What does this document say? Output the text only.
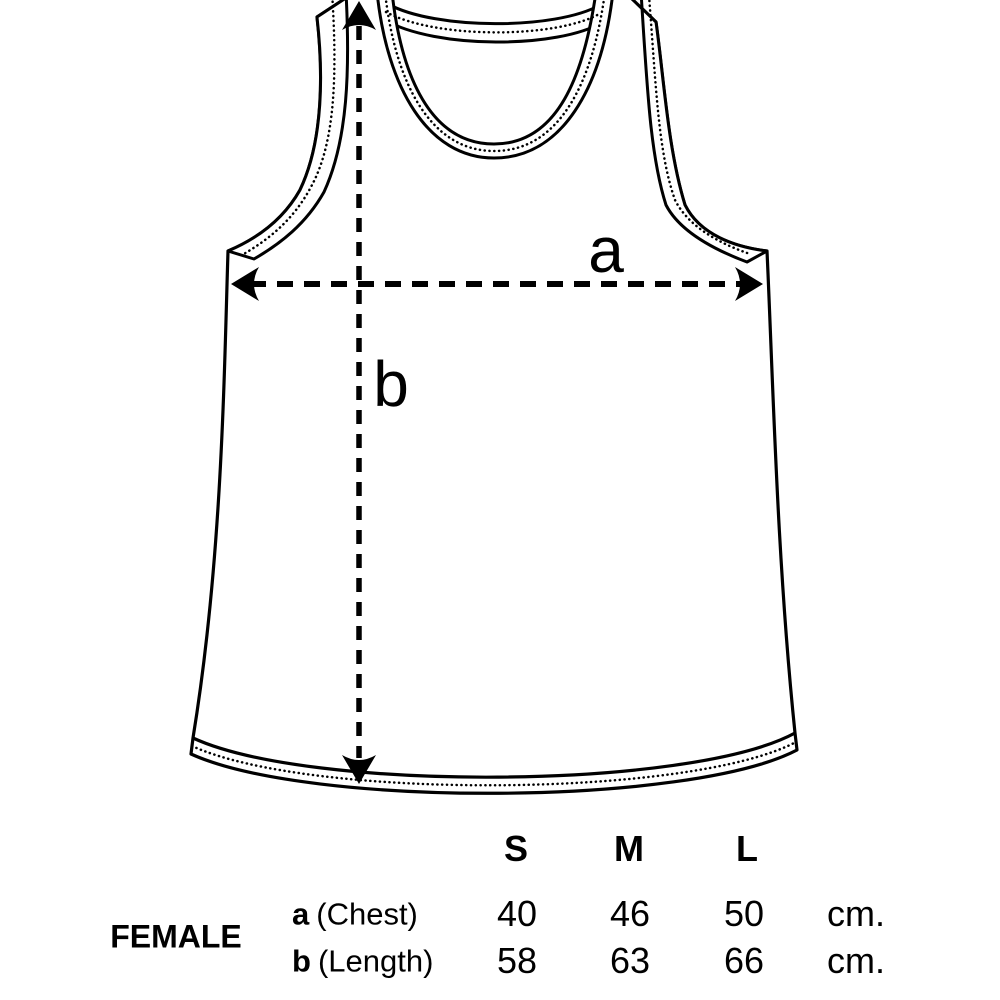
a
b
S M	L
FEMALE
a (Chest) 40 46 50 cm.
b (Length) 58 63 66 cm.
